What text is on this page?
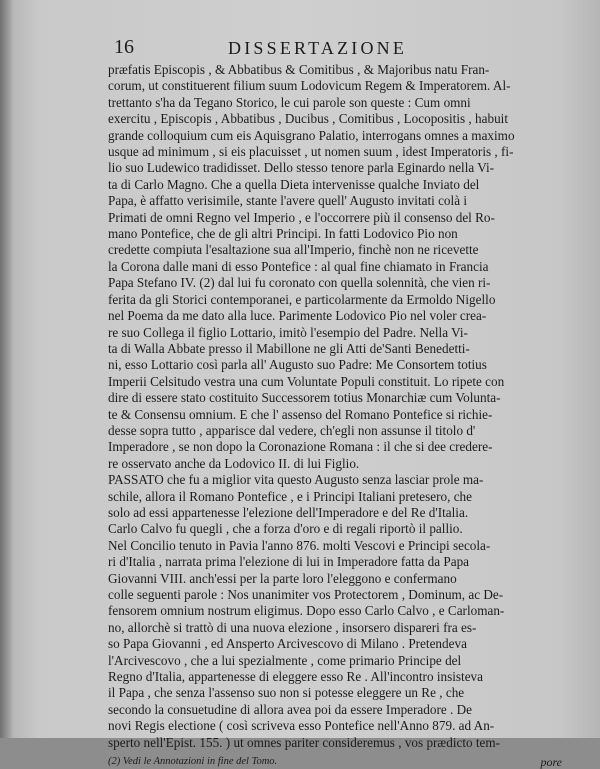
16	DISSERTAZIONE
præfatis Episcopis , & Abbatibus & Comitibus , & Majoribus natu Fran-
corum, ut constituerent filium suum Lodovicum Regem & Imperatorem. Al-
trettanto s'ha da Tegano Storico, le cui parole son queste : Cum omni
exercitu , Episcopis , Abbatibus , Ducibus , Comitibus , Locopositis , habuit
grande colloquium cum eis Aquisgrano Palatio, interrogans omnes a maximo
usque ad minimum , si eis placuisset , ut nomen suum , idest Imperatoris , fi-
lio suo Ludewico tradidisset. Dello stesso tenore parla Eginardo nella Vi-
ta di Carlo Magno. Che a quella Dieta intervenisse qualche Inviato del
Papa, è affatto verisimile, stante l'avere quell' Augusto invitati colà i
Primati de omni Regno vel Imperio , e l'occorrere più il consenso del Ro-
mano Pontefice, che de gli altri Principi. In fatti Lodovico Pio non
credette compiuta l'esaltazione sua all'Imperio, finchè non ne ricevette
la Corona dalle mani di esso Pontefice : al qual fine chiamato in Francia
Papa Stefano IV. (2) dal lui fu coronato con quella solennità, che vien ri-
ferita da gli Storici contemporanei, e particolarmente da Ermoldo Nigello
nel Poema da me dato alla luce. Parimente Lodovico Pio nel voler crea-
re suo Collega il figlio Lottario, imitò l'esempio del Padre. Nella Vi-
ta di Walla Abbate presso il Mabillone ne gli Atti de'Santi Benedetti-
ni, esso Lottario così parla all' Augusto suo Padre: Me Consortem totius
Imperii Celsitudo vestra una cum Voluntate Populi constituit. Lo ripete con
dire di essere stato costituito Successorem totius Monarchiæ cum Volunta-
te & Consensu omnium. E che l' assenso del Romano Pontefice si richie-
desse sopra tutto , apparisce dal vedere, ch'egli non assunse il titolo d'
Imperadore , se non dopo la Coronazione Romana : il che si dee credere-
re osservato anche da Lodovico II. di lui Figlio.
PASSATO che fu a miglior vita questo Augusto senza lasciar prole ma-
schile, allora il Romano Pontefice , e i Principi Italiani pretesero, che
solo ad essi appartenesse l'elezione dell'Imperadore e del Re d'Italia.
Carlo Calvo fu quegli , che a forza d'oro e di regali riportò il pallio.
Nel Concilio tenuto in Pavia l'anno 876. molti Vescovi e Principi secola-
ri d'Italia , narrata prima l'elezione di lui in Imperadore fatta da Papa
Giovanni VIII. anch'essi per la parte loro l'eleggono e confermano
colle seguenti parole : Nos unanimiter vos Protectorem , Dominum, ac De-
fensorem omnium nostrum eligimus. Dopo esso Carlo Calvo , e Carloman-
no, allorchè si trattò di una nuova elezione , insorsero dispareri fra es-
so Papa Giovanni , ed Ansperto Arcivescovo di Milano . Pretendeva
l'Arcivescovo , che a lui spezialmente , come primario Principe del
Regno d'Italia, appartenesse di eleggere esso Re . All'incontro insisteva
il Papa , che senza l'assenso suo non si potesse eleggere un Re , che
secondo la consuetudine di allora avea poi da essere Imperadore . De
novi Regis electione ( così scriveva esso Pontefice nell'Anno 879. ad An-
sperto nell'Epist. 155. ) ut omnes pariter consideremus , vos prædicto tem-
(2) Vedi le Annotazioni in fine del Tomo.	pore
